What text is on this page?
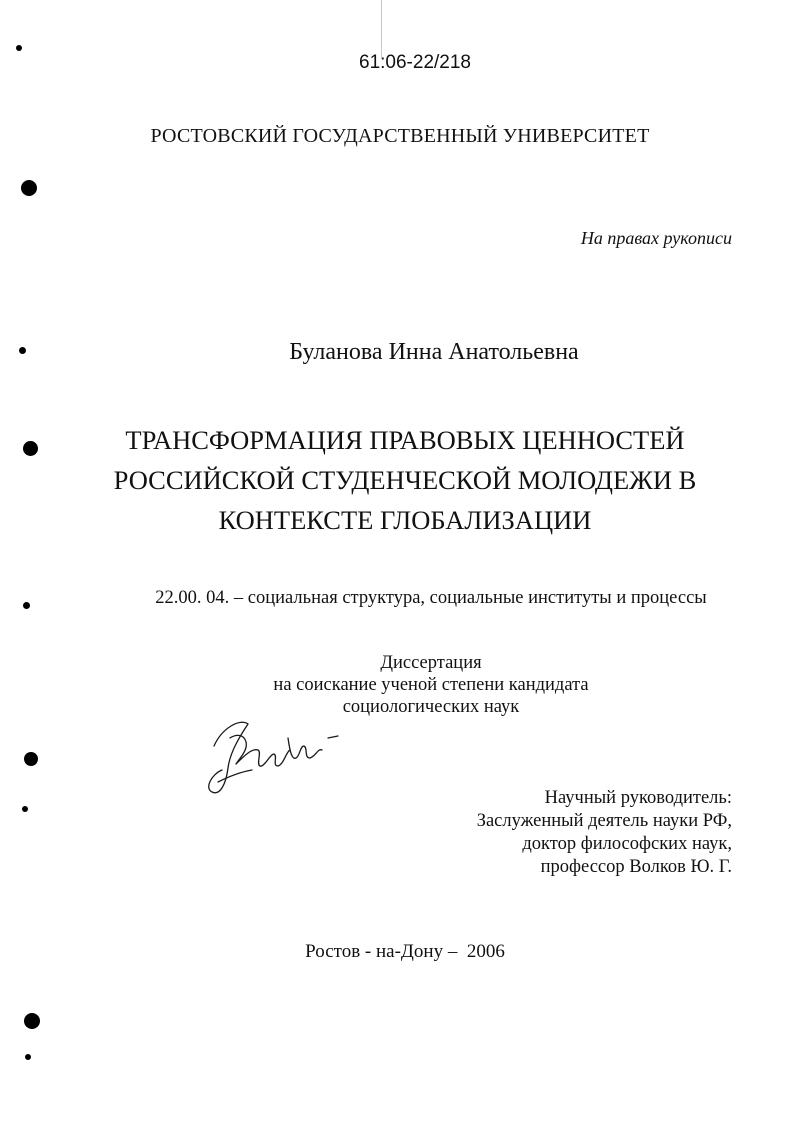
61:06-22/218
РОСТОВСКИЙ ГОСУДАРСТВЕННЫЙ УНИВЕРСИТЕТ
На правах рукописи
Буланова Инна Анатольевна
ТРАНСФОРМАЦИЯ ПРАВОВЫХ ЦЕННОСТЕЙ
РОССИЙСКОЙ СТУДЕНЧЕСКОЙ МОЛОДЕЖИ В
КОНТЕКСТЕ ГЛОБАЛИЗАЦИИ
22.00. 04. – социальная структура, социальные институты и процессы
Диссертация
на соискание ученой степени кандидата
социологических наук
Научный руководитель:
Заслуженный деятель науки РФ,
доктор философских наук,
профессор Волков Ю. Г.
Ростов - на-Дону –  2006
